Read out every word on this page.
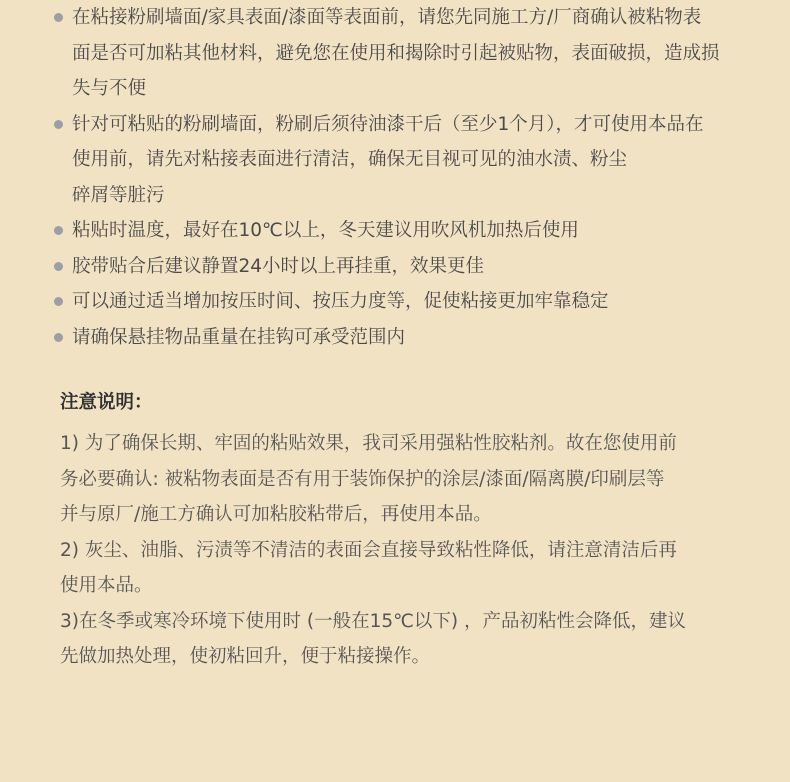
在粘接粉刷墙面/家具表面/漆面等表面前，请您先同施工方/厂商确认被粘物表
面是否可加粘其他材料，避免您在使用和揭除时引起被贴物，表面破损，造成损
失与不便
针对可粘贴的粉刷墙面，粉刷后须待油漆干后（至少1个月），才可使用本品在
使用前，请先对粘接表面进行清洁，确保无目视可见的油水渍、粉尘
碎屑等脏污
粘贴时温度，最好在10℃以上，冬天建议用吹风机加热后使用
胶带贴合后建议静置24小时以上再挂重，效果更佳
可以通过适当增加按压时间、按压力度等，促使粘接更加牢靠稳定
请确保悬挂物品重量在挂钩可承受范围内
注意说明：
1) 为了确保长期、牢固的粘贴效果，我司采用强粘性胶粘剂。故在您使用前
务必要确认: 被粘物表面是否有用于装饰保护的涂层/漆面/隔离膜/印刷层等
并与原厂/施工方确认可加粘胶粘带后，再使用本品。
2) 灰尘、油脂、污渍等不清洁的表面会直接导致粘性降低，请注意清洁后再
使用本品。
3)在冬季或寒冷环境下使用时 (一般在15℃以下) ，产品初粘性会降低，建议
先做加热处理，使初粘回升，便于粘接操作。
